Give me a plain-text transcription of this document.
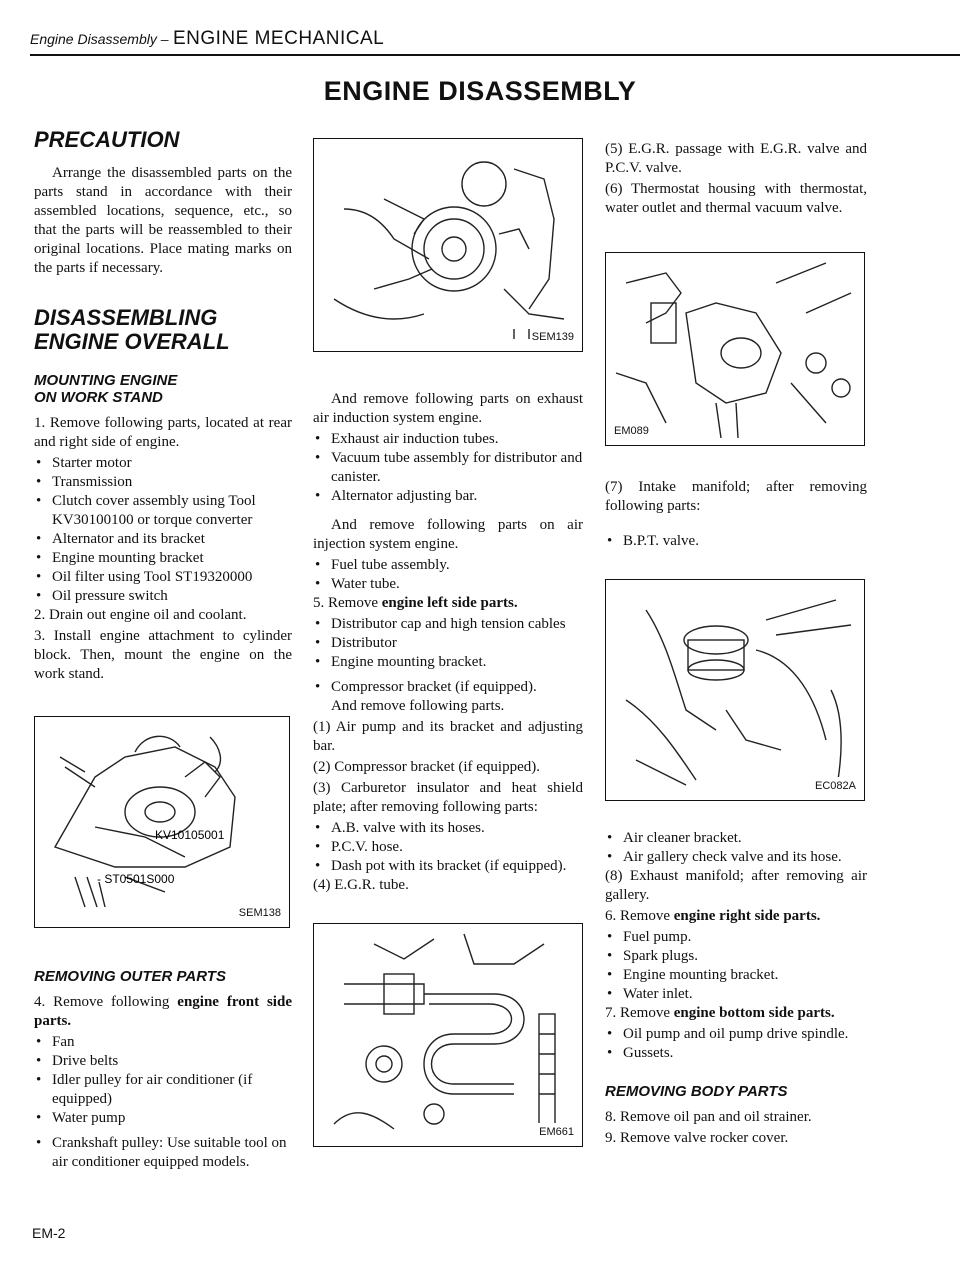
Engine Disassembly – ENGINE MECHANICAL
ENGINE DISASSEMBLY
PRECAUTION

Arrange the disassembled parts on the parts stand in accordance with their assembled locations, sequence, etc., so that the parts will be reassembled to their original locations. Place mating marks on the parts if necessary.

DISASSEMBLING
ENGINE OVERALL
MOUNTING ENGINE
ON WORK STAND

1. Remove following parts, located at rear and right side of engine.

• Starter motor
• Transmission
• Clutch cover assembly using Tool KV30100100 or torque converter
• Alternator and its bracket
• Engine mounting bracket
• Oil filter using Tool ST19320000
• Oil pressure switch

2. Drain out engine oil and coolant.

3. Install engine attachment to cylinder block. Then, mount the engine on the work stand.

KV10105001
- ST0501S000
SEM138
REMOVING OUTER PARTS

4. Remove following engine front side parts.

• Fan
• Drive belts
• Idler pulley for air conditioner (if equipped)
• Water pump
• Crankshaft pulley: Use suitable tool on air conditioner equipped models.
SEM139

And remove following parts on exhaust air induction system engine.

• Exhaust air induction tubes.
• Vacuum tube assembly for distributor and canister.
• Alternator adjusting bar.

And remove following parts on air injection system engine.

• Fuel tube assembly.
• Water tube.

5. Remove engine left side parts.

• Distributor cap and high tension cables
• Distributor
• Engine mounting bracket.
• Compressor bracket (if equipped).

And remove following parts.

(1) Air pump and its bracket and adjusting bar.

(2) Compressor bracket (if equipped).

(3) Carburetor insulator and heat shield plate; after removing following parts:

• A.B. valve with its hoses.
• P.C.V. hose.
• Dash pot with its bracket (if equipped).

(4) E.G.R. tube.

EM661

(5) E.G.R. passage with E.G.R. valve and P.C.V. valve.

(6) Thermostat housing with thermostat, water outlet and thermal vacuum valve.

EM089

(7) Intake manifold; after removing following parts:

• B.P.T. valve.
EC082A
• Air cleaner bracket.
• Air gallery check valve and its hose.

(8) Exhaust manifold; after removing air gallery.

6. Remove engine right side parts.

• Fuel pump.
• Spark plugs.
• Engine mounting bracket.
• Water inlet.

7. Remove engine bottom side parts.

• Oil pump and oil pump drive spindle.
• Gussets.
REMOVING BODY PARTS

8. Remove oil pan and oil strainer.

9. Remove valve rocker cover.

EM-2
